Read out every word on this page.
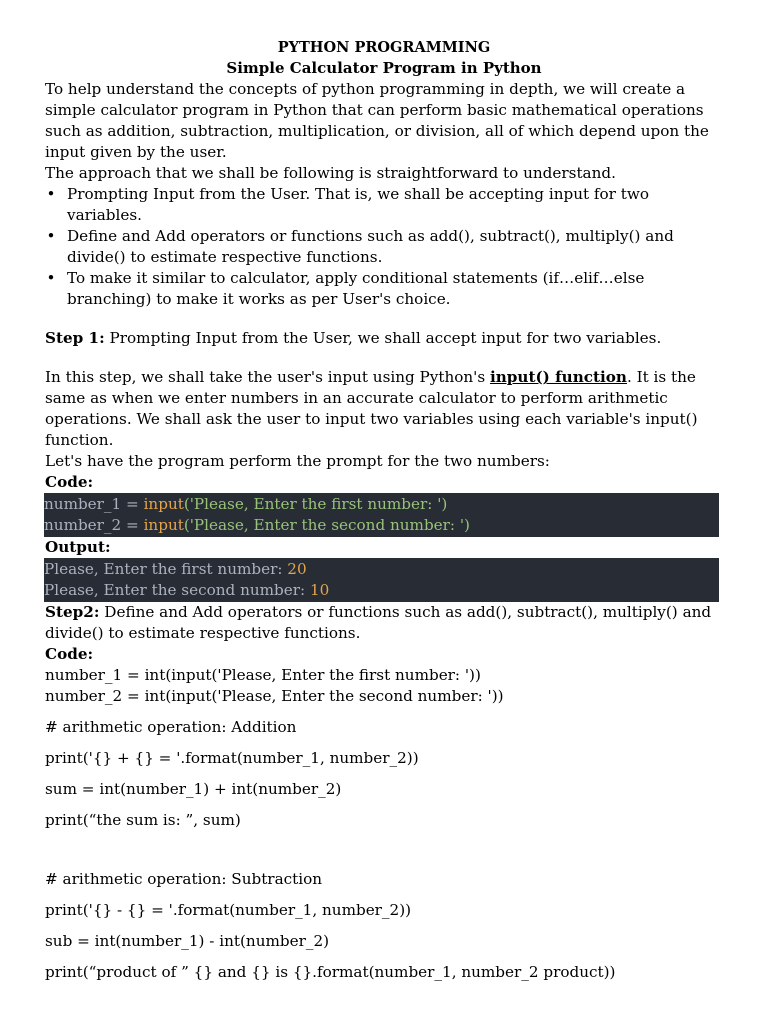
PYTHON PROGRAMMING
Simple Calculator Program in Python

To help understand the concepts of python programming in depth, we will create a simple calculator program in Python that can perform basic mathematical operations such as addition, subtraction, multiplication, or division, all of which depend upon the input given by the user.

The approach that we shall be following is straightforward to understand.

• Prompting Input from the User. That is, we shall be accepting input for two variables.
• Define and Add operators or functions such as add(), subtract(), multiply() and divide() to estimate respective functions.
• To make it similar to calculator, apply conditional statements (if…elif…else branching) to make it works as per User's choice.

Step 1: Prompting Input from the User, we shall accept input for two variables.

In this step, we shall take the user's input using Python's input() function. It is the same as when we enter numbers in an accurate calculator to perform arithmetic operations. We shall ask the user to input two variables using each variable's input() function.

Let's have the program perform the prompt for the two numbers:

Code:

number_1 = input('Please, Enter the first number: ')
number_2 = input('Please, Enter the second number: ')

Output:

Please, Enter the first number: 20
Please, Enter the second number: 10

Step2: Define and Add operators or functions such as add(), subtract(), multiply() and divide() to estimate respective functions.

Code:

number_1 = int(input('Please, Enter the first number: '))
number_2 = int(input('Please, Enter the second number: '))
# arithmetic operation: Addition
print('{} + {} = '.format(number_1, number_2))
sum = int(number_1) + int(number_2)
print(“the sum is: ”, sum)
# arithmetic operation: Subtraction
print('{} - {} = '.format(number_1, number_2))
sub = int(number_1) - int(number_2)
print(“product of ” {} and {} is {}.format(number_1, number_2 product))
